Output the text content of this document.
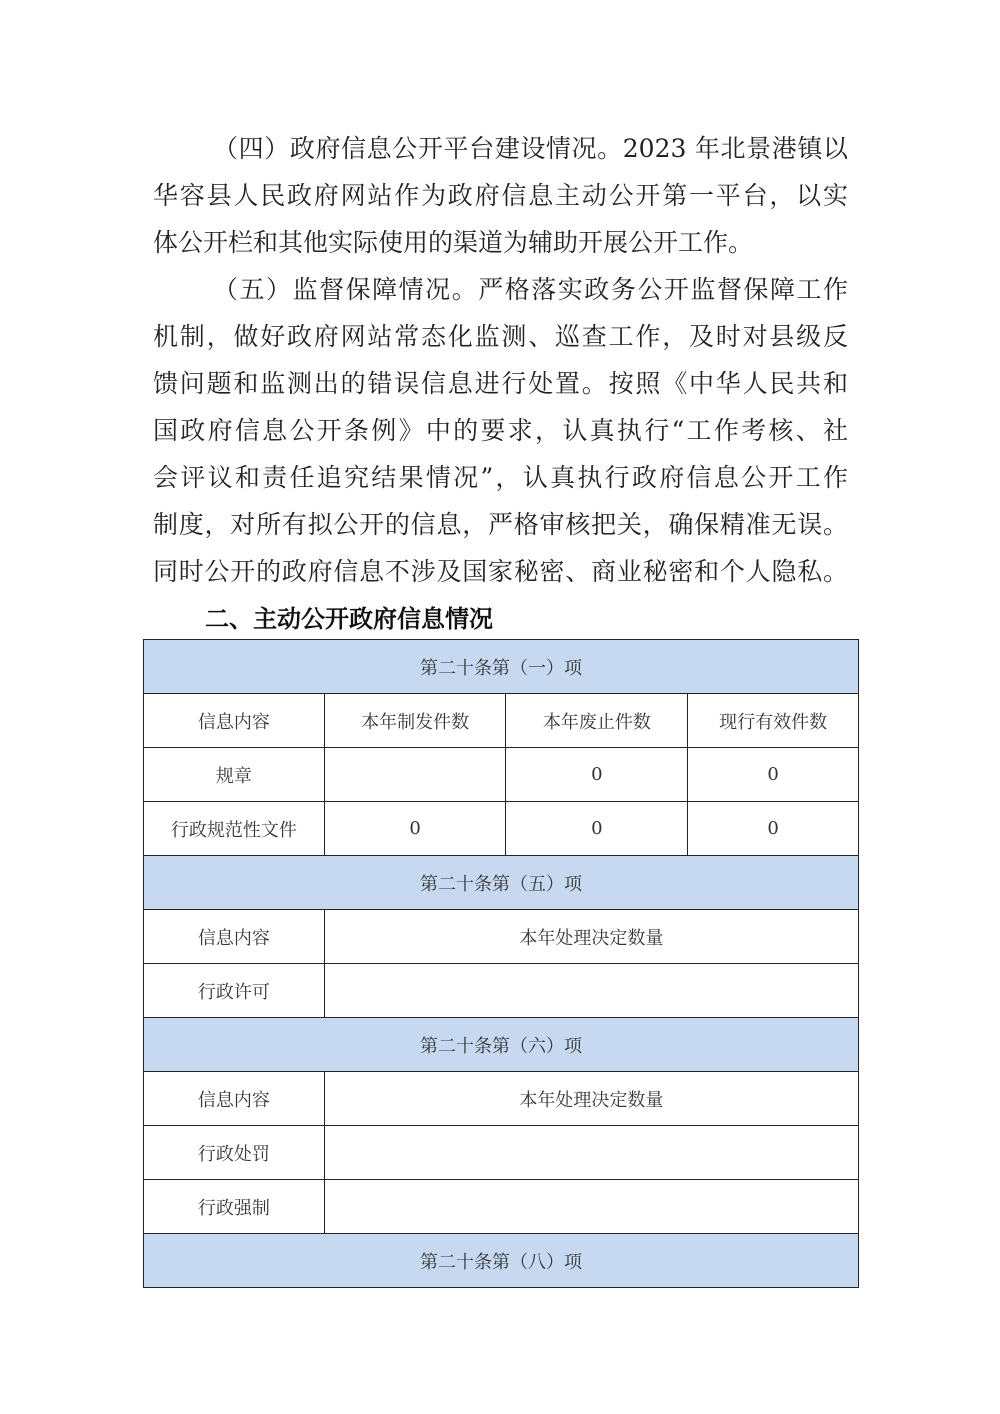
（四）政府信息公开平台建设情况。2023 年北景港镇以
华容县人民政府网站作为政府信息主动公开第一平台，以实
体公开栏和其他实际使用的渠道为辅助开展公开工作。
（五）监督保障情况。严格落实政务公开监督保障工作
机制，做好政府网站常态化监测、巡查工作，及时对县级反
馈问题和监测出的错误信息进行处置。按照《中华人民共和
国政府信息公开条例》中的要求，认真执行“工作考核、社
会评议和责任追究结果情况”，认真执行政府信息公开工作
制度，对所有拟公开的信息，严格审核把关，确保精准无误。
同时公开的政府信息不涉及国家秘密、商业秘密和个人隐私。
二、主动公开政府信息情况
第二十条第（一）项			
信息内容	本年制发件数	本年废止件数	现行有效件数
规章		0	0
行政规范性文件	0	0	0
第二十条第（五）项			
信息内容	本年处理决定数量		
行政许可			
第二十条第（六）项			
信息内容	本年处理决定数量		
行政处罚			
行政强制			
第二十条第（八）项			
